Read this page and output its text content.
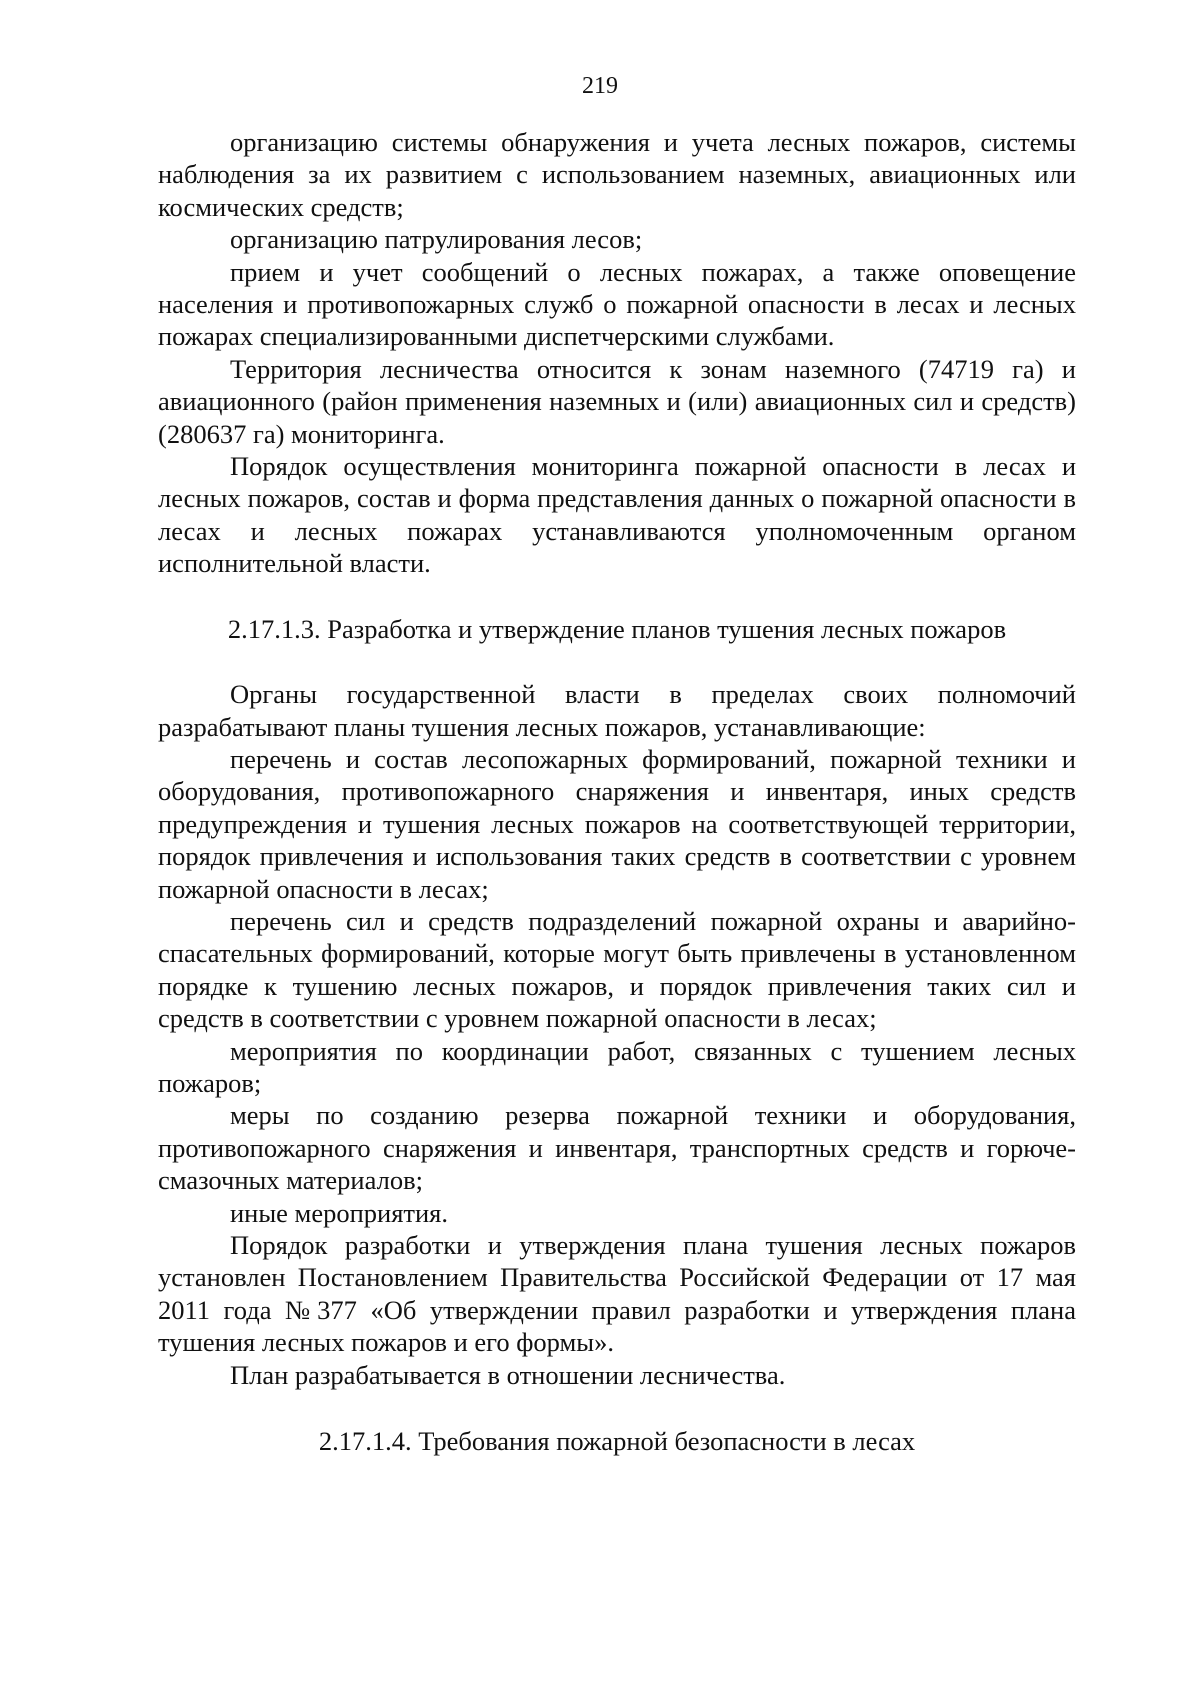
219

организацию системы обнаружения и учета лесных пожаров, системы наблюдения за их развитием с использованием наземных, авиационных или космических средств;

организацию патрулирования лесов;

прием и учет сообщений о лесных пожарах, а также оповещение населения и противопожарных служб о пожарной опасности в лесах и лесных пожарах специализированными диспетчерскими службами.

Территория лесничества относится к зонам наземного (74719 га) и авиационного (район применения наземных и (или) авиационных сил и средств) (280637 га) мониторинга.

Порядок осуществления мониторинга пожарной опасности в лесах и лесных пожаров, состав и форма представления данных о пожарной опасности в лесах и лесных пожарах устанавливаются уполномоченным органом исполнительной власти.

2.17.1.3. Разработка и утверждение планов тушения лесных пожаров

Органы государственной власти в пределах своих полномочий разрабатывают планы тушения лесных пожаров, устанавливающие:

перечень и состав лесопожарных формирований, пожарной техники и оборудования, противопожарного снаряжения и инвентаря, иных средств предупреждения и тушения лесных пожаров на соответствующей территории, порядок привлечения и использования таких средств в соответствии с уровнем пожарной опасности в лесах;

перечень сил и средств подразделений пожарной охраны и аварийно-спасательных формирований, которые могут быть привлечены в установленном порядке к тушению лесных пожаров, и порядок привлечения таких сил и средств в соответствии с уровнем пожарной опасности в лесах;

мероприятия по координации работ, связанных с тушением лесных пожаров;

меры по созданию резерва пожарной техники и оборудования, противопожарного снаряжения и инвентаря, транспортных средств и горюче-смазочных материалов;

иные мероприятия.

Порядок разработки и утверждения плана тушения лесных пожаров установлен Постановлением Правительства Российской Федерации от 17 мая 2011 года №377 «Об утверждении правил разработки и утверждения плана тушения лесных пожаров и его формы».

План разрабатывается в отношении лесничества.

2.17.1.4. Требования пожарной безопасности в лесах
